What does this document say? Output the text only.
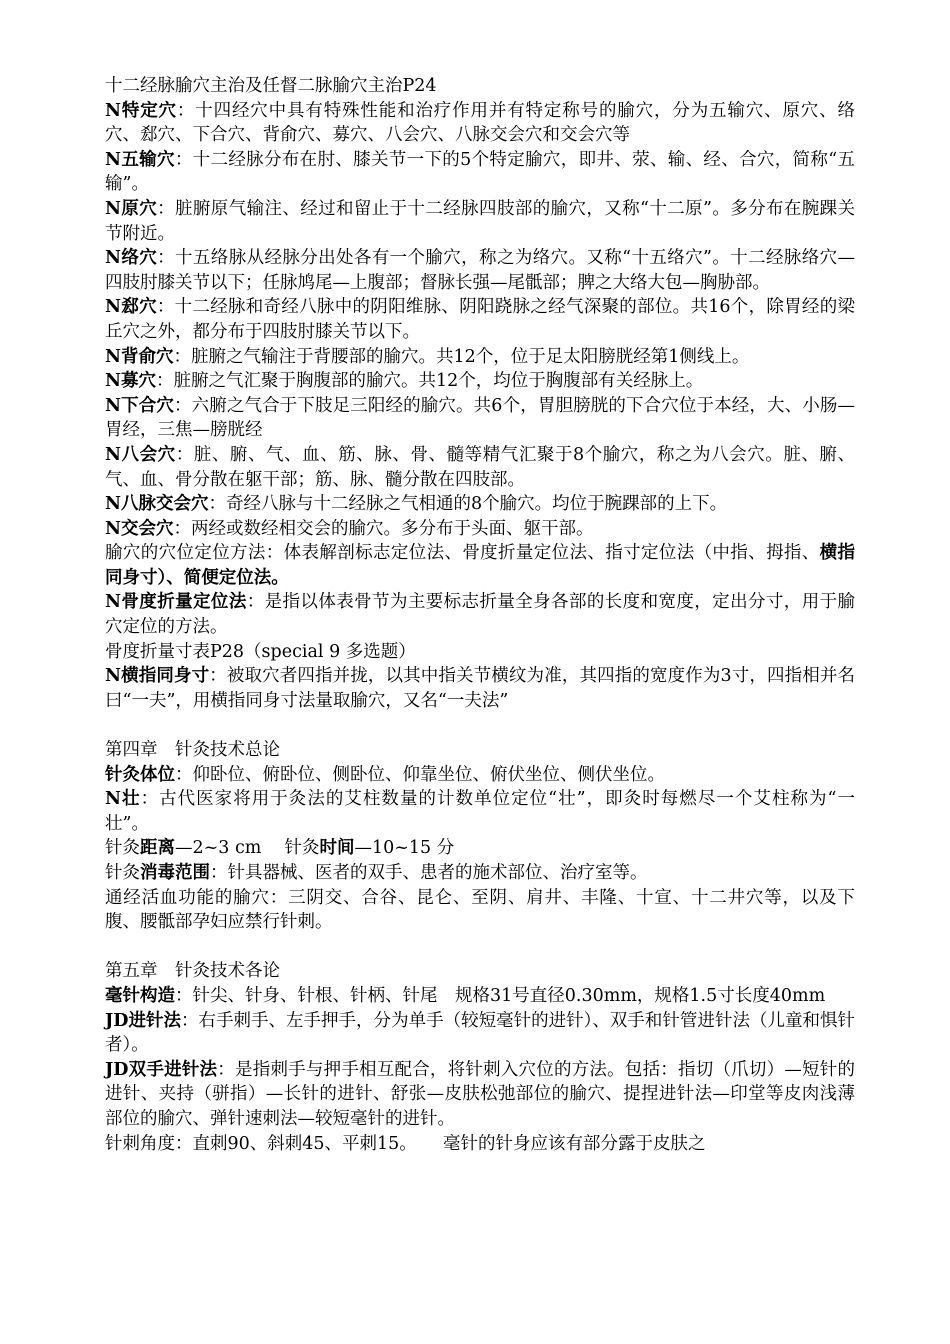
十二经脉腧穴主治及任督二脉腧穴主治P24

N特定穴：十四经穴中具有特殊性能和治疗作用并有特定称号的腧穴，分为五输穴、原穴、络穴、郄穴、下合穴、背俞穴、募穴、八会穴、八脉交会穴和交会穴等

N五输穴：十二经脉分布在肘、膝关节一下的5个特定腧穴，即井、荥、输、经、合穴，简称“五输”。

N原穴：脏腑原气输注、经过和留止于十二经脉四肢部的腧穴，又称“十二原”。多分布在腕踝关节附近。

N络穴：十五络脉从经脉分出处各有一个腧穴，称之为络穴。又称“十五络穴”。十二经脉络穴—四肢肘膝关节以下；任脉鸠尾—上腹部；督脉长强—尾骶部；脾之大络大包—胸胁部。

N郄穴：十二经脉和奇经八脉中的阴阳维脉、阴阳跷脉之经气深聚的部位。共16个，除胃经的梁丘穴之外，都分布于四肢肘膝关节以下。

N背俞穴：脏腑之气输注于背腰部的腧穴。共12个，位于足太阳膀胱经第1侧线上。

N募穴：脏腑之气汇聚于胸腹部的腧穴。共12个，均位于胸腹部有关经脉上。

N下合穴：六腑之气合于下肢足三阳经的腧穴。共6个，胃胆膀胱的下合穴位于本经，大、小肠—胃经，三焦—膀胱经

N八会穴：脏、腑、气、血、筋、脉、骨、髓等精气汇聚于8个腧穴，称之为八会穴。脏、腑、气、血、骨分散在躯干部；筋、脉、髓分散在四肢部。

N八脉交会穴：奇经八脉与十二经脉之气相通的8个腧穴。均位于腕踝部的上下。

N交会穴：两经或数经相交会的腧穴。多分布于头面、躯干部。

腧穴的穴位定位方法：体表解剖标志定位法、骨度折量定位法、指寸定位法（中指、拇指、横指同身寸）、简便定位法。

N骨度折量定位法：是指以体表骨节为主要标志折量全身各部的长度和宽度，定出分寸，用于腧穴定位的方法。

骨度折量寸表P28（special 9 多选题）

N横指同身寸：被取穴者四指并拢，以其中指关节横纹为准，其四指的宽度作为3寸，四指相并名曰“一夫”，用横指同身寸法量取腧穴，又名“一夫法”

第四章　针灸技术总论

针灸体位：仰卧位、俯卧位、侧卧位、仰靠坐位、俯伏坐位、侧伏坐位。

N壮：古代医家将用于灸法的艾柱数量的计数单位定位“壮”，即灸时每燃尽一个艾柱称为“一壮”。

针灸距离—2~3 cm　 针灸时间—10~15 分

针灸消毒范围：针具器械、医者的双手、患者的施术部位、治疗室等。

通经活血功能的腧穴：三阴交、合谷、昆仑、至阴、肩井、丰隆、十宣、十二井穴等，以及下腹、腰骶部孕妇应禁行针刺。

第五章　针灸技术各论

毫针构造：针尖、针身、针根、针柄、针尾　规格31号直径0.30mm，规格1.5寸长度40mm

JD进针法：右手刺手、左手押手，分为单手（较短毫针的进针）、双手和针管进针法（儿童和惧针者）。

JD双手进针法：是指刺手与押手相互配合，将针刺入穴位的方法。包括：指切（爪切）—短针的进针、夹持（骈指）—长针的进针、舒张—皮肤松弛部位的腧穴、提捏进针法—印堂等皮肉浅薄部位的腧穴、弹针速刺法—较短毫针的进针。

针刺角度：直刺90、斜刺45、平刺15。　　毫针的针身应该有部分露于皮肤之
